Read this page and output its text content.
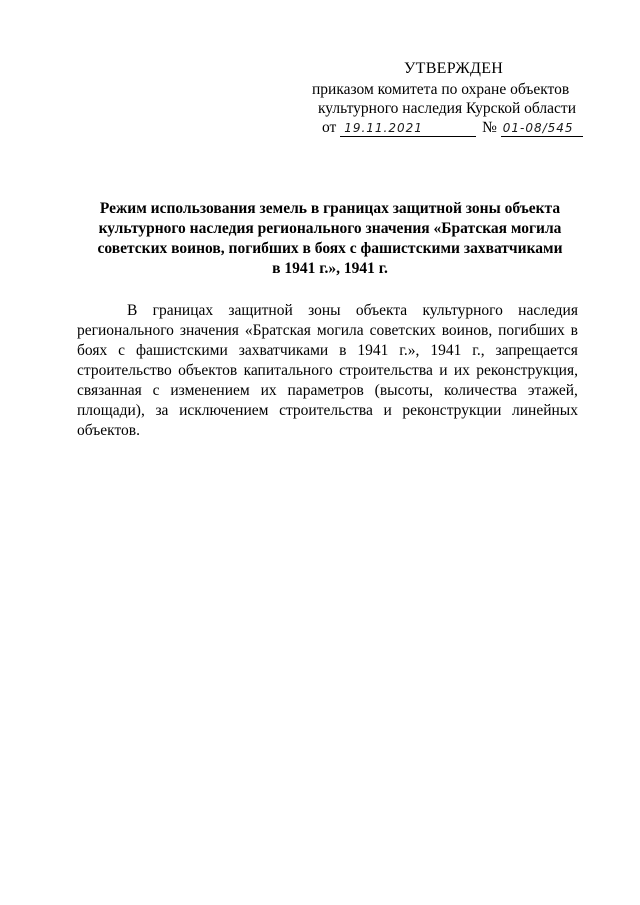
УТВЕРЖДЕН
приказом комитета по охране объектов
культурного наследия Курской области
от 19.11.2021	№ 01-08/545
Режим использования земель в границах защитной зоны объекта
культурного наследия регионального значения «Братская могила
советских воинов, погибших в боях с фашистскими захватчиками
в 1941 г.», 1941 г.
В границах защитной зоны объекта культурного наследия
регионального значения «Братская могила советских воинов, погибших в
боях с фашистскими захватчиками в 1941 г.», 1941 г., запрещается
строительство объектов капитального строительства и их реконструкция,
связанная с изменением их параметров (высоты, количества этажей,
площади), за исключением строительства и реконструкции линейных
объектов.
